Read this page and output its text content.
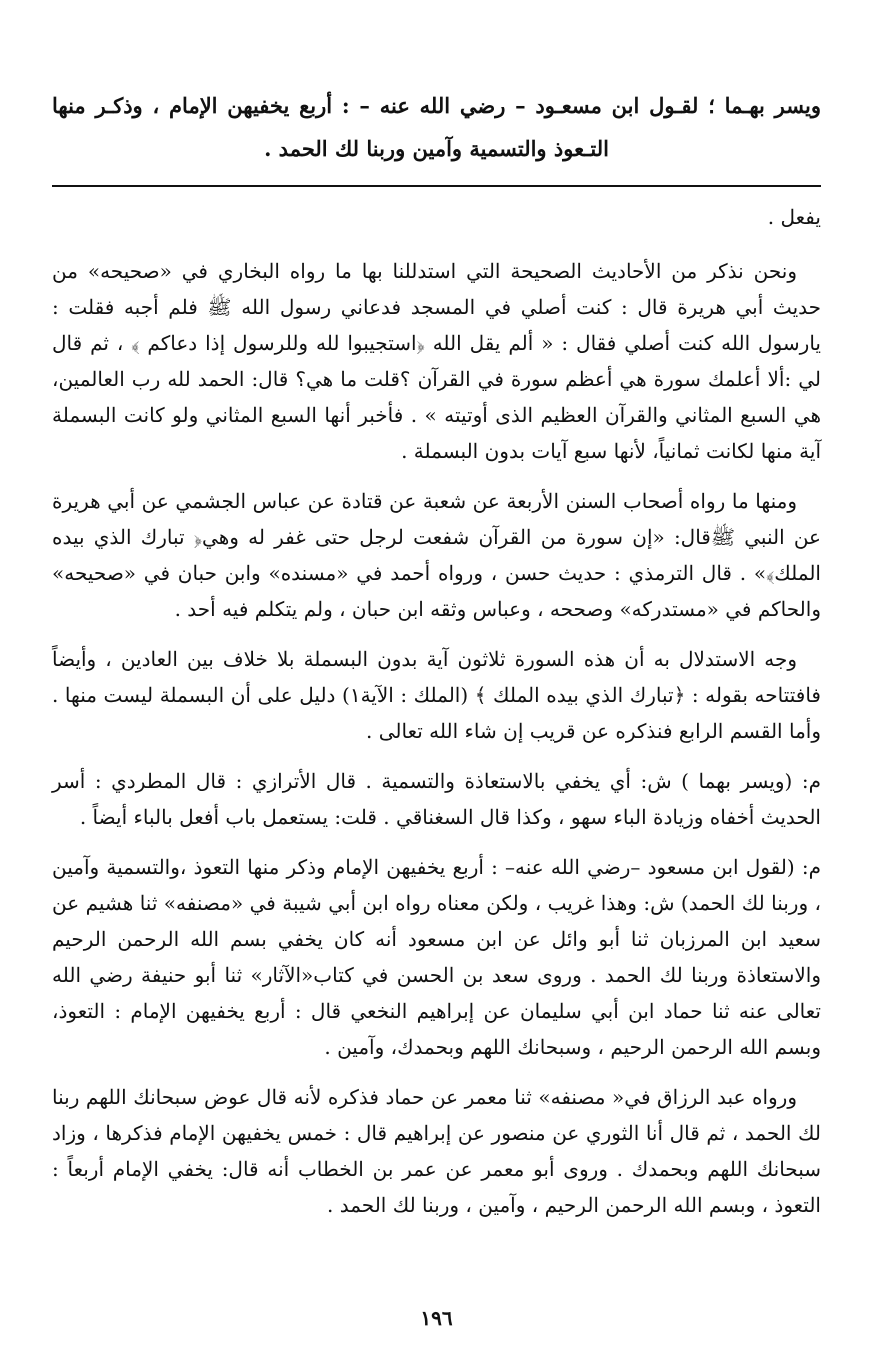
ويسر بهـما ؛ لقـول ابن مسعـود – رضي الله عنه – : أربع يخفيهن الإمام ، وذكـر منها التـعوذ والتسمية وآمين وربنا لك الحمد .

يفعل .

ونحن نذكر من الأحاديث الصحيحة التي استدللنا بها ما رواه البخاري في «صحيحه» من حديث أبي هريرة قال : كنت أصلي في المسجد فدعاني رسول الله ﷺ فلم أجبه فقلت : يارسول الله كنت أصلي فقال : « ألم يقل الله ﴿استجيبوا لله وللرسول إذا دعاكم ﴾ ، ثم قال لي :ألا أعلمك سورة هي أعظم سورة في القرآن ؟قلت ما هي؟ قال: الحمد لله رب العالمين، هي السبع المثاني والقرآن العظيم الذى أوتيته » . فأخبر أنها السبع المثاني ولو كانت البسملة آية منها لكانت ثمانياً، لأنها سبع آيات بدون البسملة .

ومنها ما رواه أصحاب السنن الأربعة عن شعبة عن قتادة عن عباس الجشمي عن أبي هريرة عن النبي ﷺقال: «إن سورة من القرآن شفعت لرجل حتى غفر له وهي﴿ تبارك الذي بيده الملك﴾» . قال الترمذي : حديث حسن ، ورواه أحمد في «مسنده» وابن حبان في «صحيحه» والحاكم في «مستدركه» وصححه ، وعباس وثقه ابن حبان ، ولم يتكلم فيه أحد .

وجه الاستدلال به أن هذه السورة ثلاثون آية بدون البسملة بلا خلاف بين العادين ، وأيضاً فافتتاحه بقوله : ﴿تبارك الذي بيده الملك ﴾ (الملك : الآية١) دليل على أن البسملة ليست منها . وأما القسم الرابع فنذكره عن قريب إن شاء الله تعالى .

م: (ويسر بهما ) ش: أي يخفي بالاستعاذة والتسمية . قال الأترازي : قال المطردي : أسر الحديث أخفاه وزيادة الباء سهو ، وكذا قال السغناقي . قلت: يستعمل باب أفعل بالباء أيضاً .

م: (لقول ابن مسعود –رضي الله عنه– : أربع يخفيهن الإمام وذكر منها التعوذ ،والتسمية وآمين ، وربنا لك الحمد) ش: وهذا غريب ، ولكن معناه رواه ابن أبي شيبة في «مصنفه» ثنا هشيم عن سعيد ابن المرزبان ثنا أبو وائل عن ابن مسعود أنه كان يخفي بسم الله الرحمن الرحيم والاستعاذة وربنا لك الحمد . وروى سعد بن الحسن في كتاب«الآثار» ثنا أبو حنيفة رضي الله تعالى عنه ثنا حماد ابن أبي سليمان عن إبراهيم النخعي قال : أربع يخفيهن الإمام : التعوذ، وبسم الله الرحمن الرحيم ، وسبحانك اللهم وبحمدك، وآمين .

ورواه عبد الرزاق في« مصنفه» ثنا معمر عن حماد فذكره لأنه قال عوض سبحانك اللهم ربنا لك الحمد ، ثم قال أنا الثوري عن منصور عن إبراهيم قال : خمس يخفيهن الإمام فذكرها ، وزاد سبحانك اللهم وبحمدك . وروى أبو معمر عن عمر بن الخطاب أنه قال: يخفي الإمام أربعاً : التعوذ ، وبسم الله الرحمن الرحيم ، وآمين ، وربنا لك الحمد .

١٩٦
